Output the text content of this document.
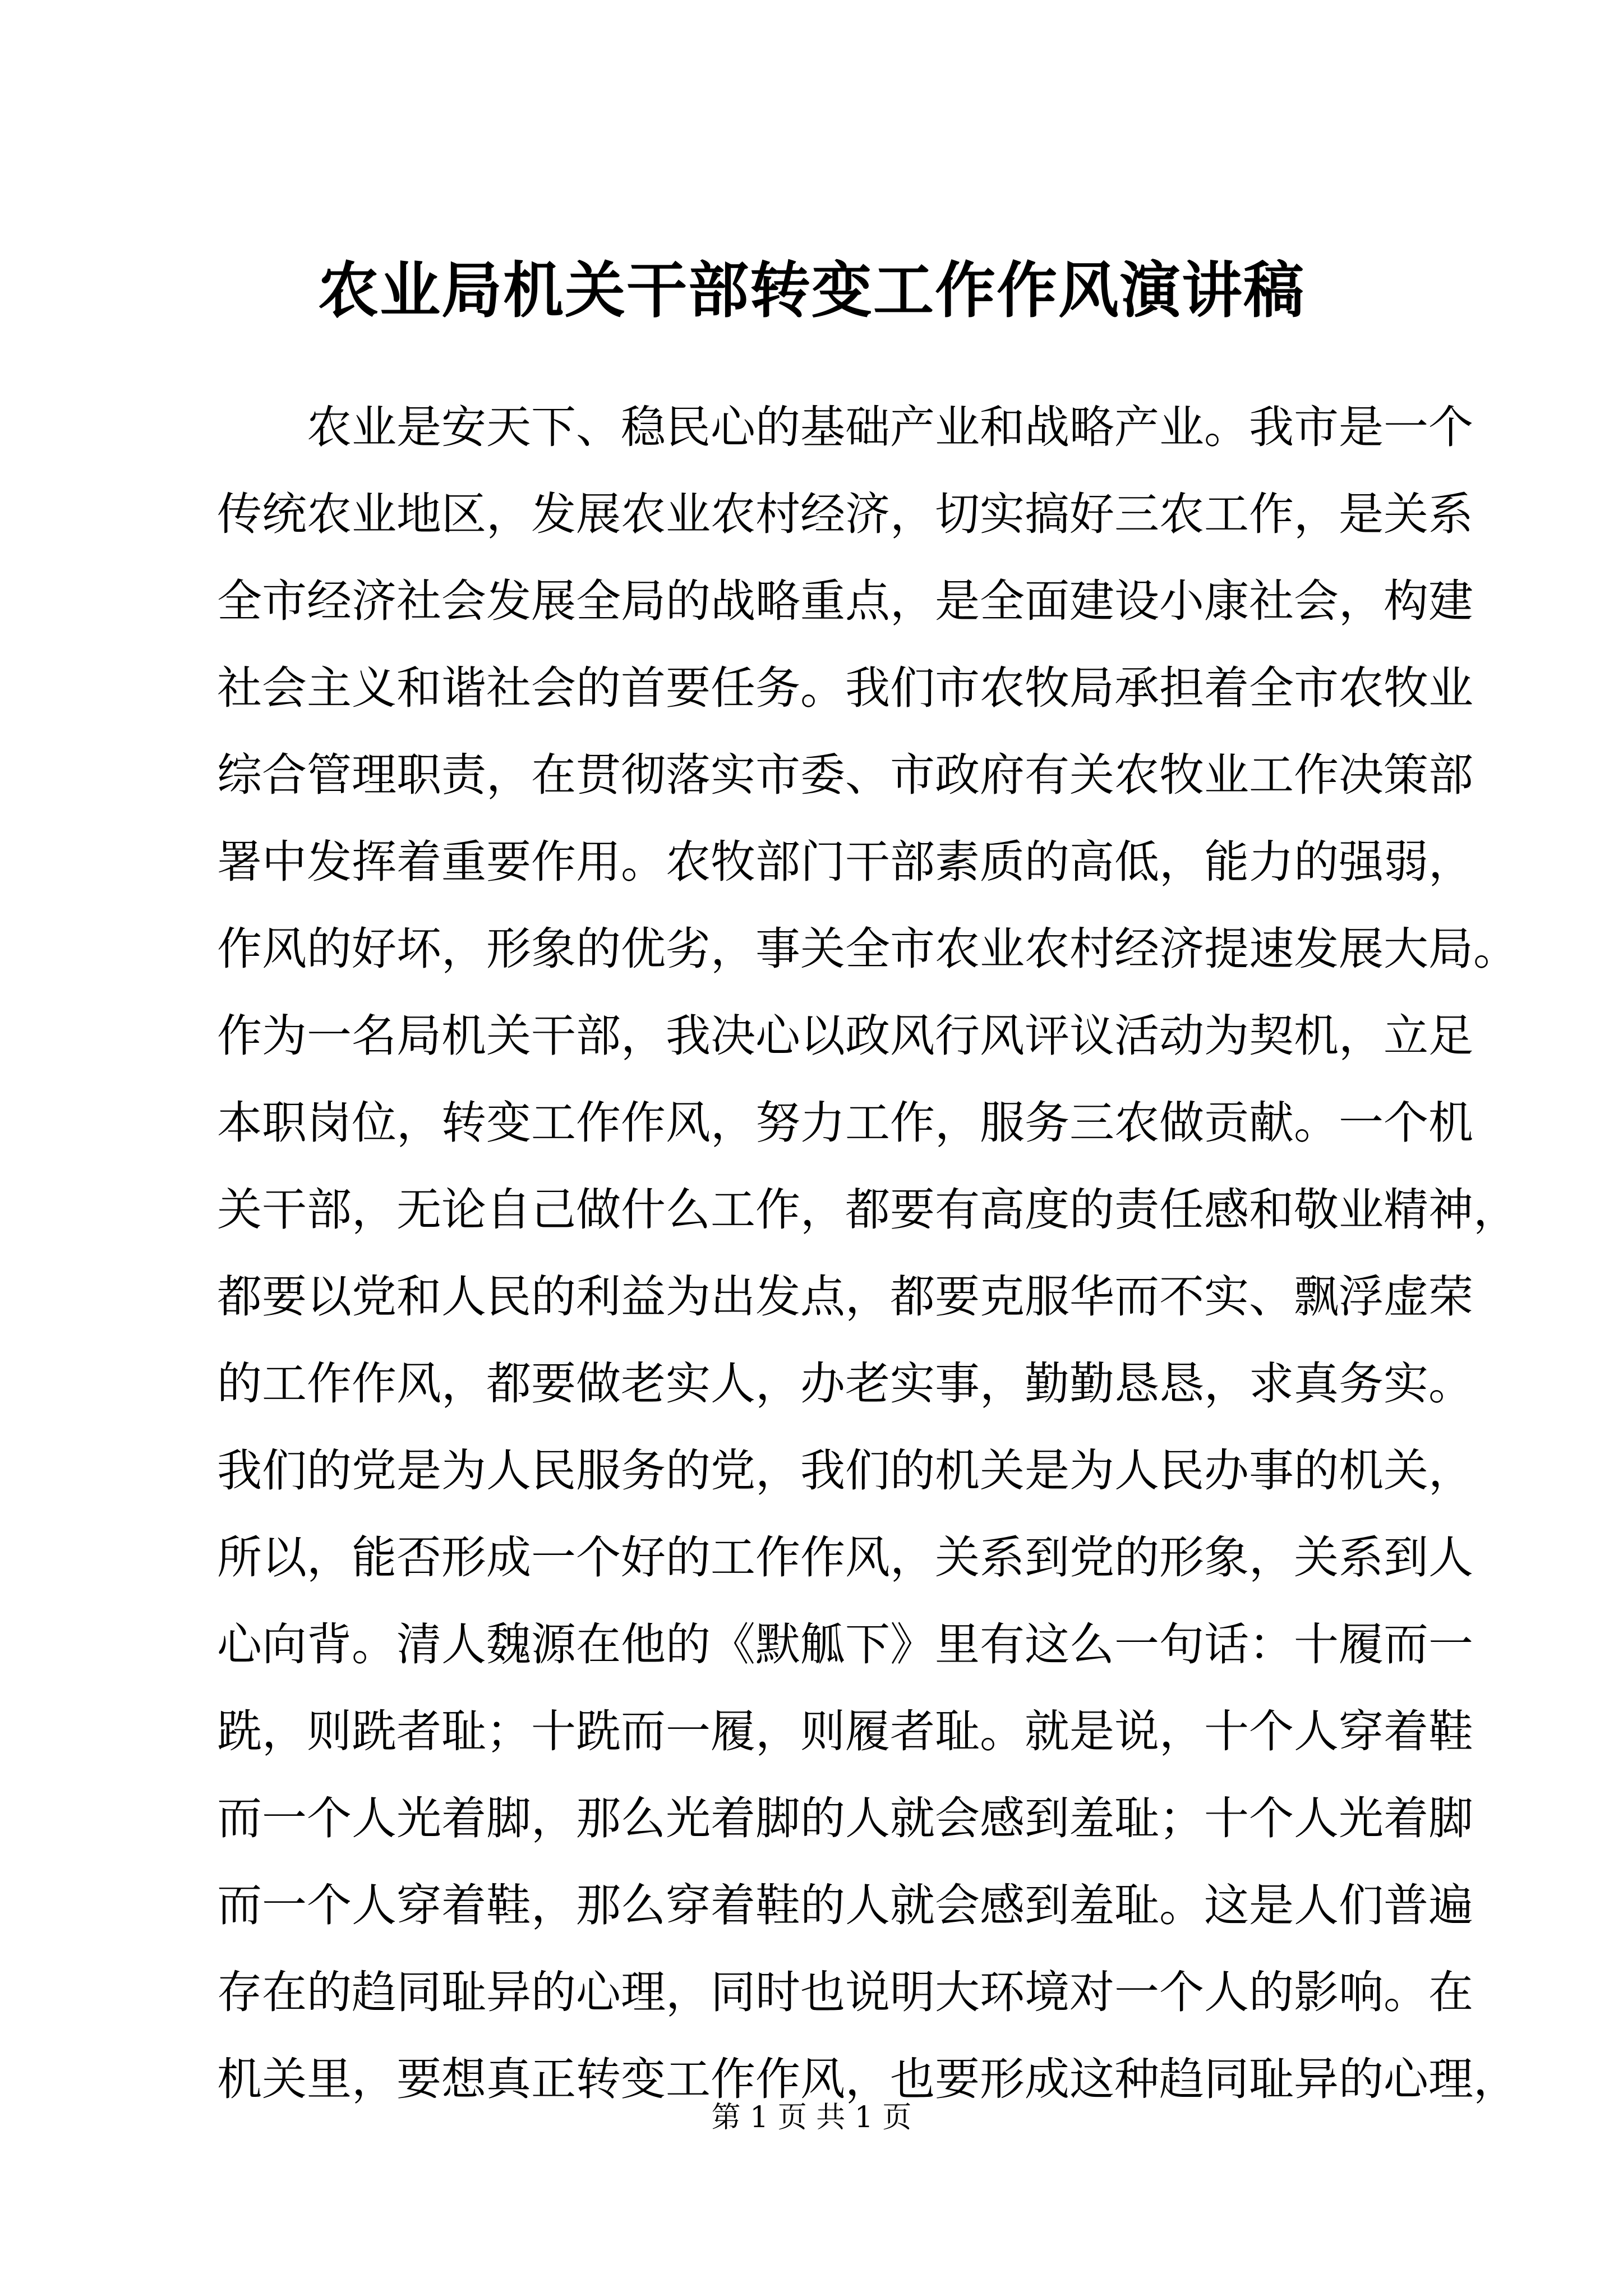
农业局机关干部转变工作作风演讲稿
农业是安天下、稳民心的基础产业和战略产业。我市是一个
传统农业地区，发展农业农村经济，切实搞好三农工作，是关系
全市经济社会发展全局的战略重点，是全面建设小康社会，构建
社会主义和谐社会的首要任务。我们市农牧局承担着全市农牧业
综合管理职责，在贯彻落实市委、市政府有关农牧业工作决策部
署中发挥着重要作用。农牧部门干部素质的高低，能力的强弱，
作风的好坏，形象的优劣，事关全市农业农村经济提速发展大局。
作为一名局机关干部，我决心以政风行风评议活动为契机，立足
本职岗位，转变工作作风，努力工作，服务三农做贡献。一个机
关干部，无论自己做什么工作，都要有高度的责任感和敬业精神，
都要以党和人民的利益为出发点，都要克服华而不实、飘浮虚荣
的工作作风，都要做老实人，办老实事，勤勤恳恳，求真务实。
我们的党是为人民服务的党，我们的机关是为人民办事的机关，
所以，能否形成一个好的工作作风，关系到党的形象，关系到人
心向背。清人魏源在他的《默觚下》里有这么一句话：十履而一
跣，则跣者耻；十跣而一履，则履者耻。就是说，十个人穿着鞋
而一个人光着脚，那么光着脚的人就会感到羞耻；十个人光着脚
而一个人穿着鞋，那么穿着鞋的人就会感到羞耻。这是人们普遍
存在的趋同耻异的心理，同时也说明大环境对一个人的影响。在
机关里，要想真正转变工作作风，也要形成这种趋同耻异的心理，
第 1 页 共 1 页
